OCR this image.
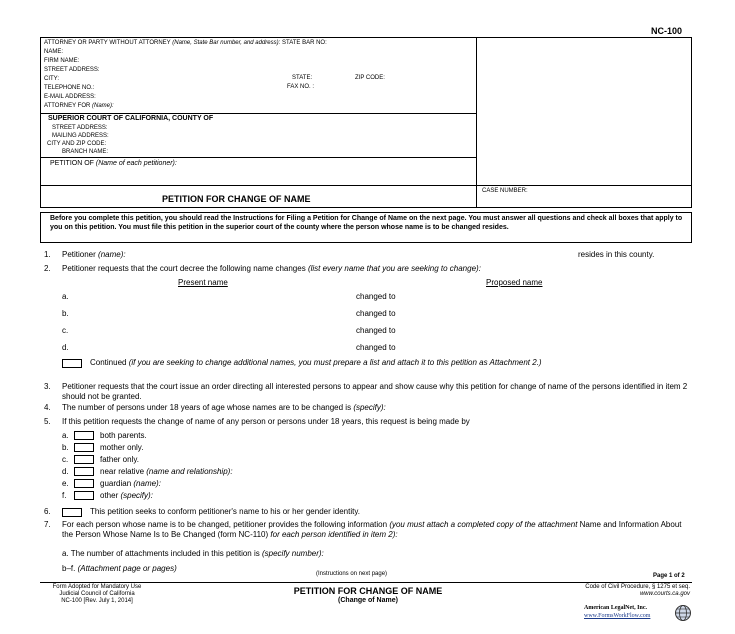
NC-100
ATTORNEY OR PARTY WITHOUT ATTORNEY (Name, State Bar number, and address): STATE BAR NO:
NAME:
FIRM NAME:
STREET ADDRESS:
CITY:	STATE:	ZIP CODE:
TELEPHONE NO.:	FAX NO. :
E-MAIL ADDRESS:
ATTORNEY FOR (Name):
SUPERIOR COURT OF CALIFORNIA, COUNTY OF
STREET ADDRESS:
MAILING ADDRESS:
CITY AND ZIP CODE:
BRANCH NAME:
PETITION OF (Name of each petitioner):
PETITION FOR CHANGE OF NAME
CASE NUMBER:
Before you complete this petition, you should read the Instructions for Filing a Petition for Change of Name on the next page. You must answer all questions and check all boxes that apply to you on this petition. You must file this petition in the superior court of the county where the person whose name is to be changed resides.
1. Petitioner (name):	resides in this county.
2. Petitioner requests that the court decree the following name changes (list every name that you are seeking to change):
Present name	Proposed name
a.	changed to
b.	changed to
c.	changed to
d.	changed to
Continued (if you are seeking to change additional names, you must prepare a list and attach it to this petition as Attachment 2.)
3. Petitioner requests that the court issue an order directing all interested persons to appear and show cause why this petition for change of name of the persons identified in item 2 should not be granted.
4. The number of persons under 18 years of age whose names are to be changed is (specify):
5. If this petition requests the change of name of any person or persons under 18 years, this request is being made by
a.	both parents.
b.	mother only.
c.	father only.
d.	near relative (name and relationship):
e.	guardian (name):
f.	other (specify):
6.	This petition seeks to conform petitioner's name to his or her gender identity.
7. For each person whose name is to be changed, petitioner provides the following information (you must attach a completed copy of the attachment Name and Information About the Person Whose Name Is to Be Changed (form NC-110) for each person identified in item 2):
a. The number of attachments included in this petition is (specify number):
b–f. (Attachment page or pages)
(Instructions on next page)	Page 1 of 2
Form Adopted for Mandatory Use
Judicial Council of California
NC-100 [Rev. July 1, 2014]
PETITION FOR CHANGE OF NAME
(Change of Name)
Code of Civil Procedure, § 1275 et seq.
www.courts.ca.gov
American LegalNet, Inc.
www.FormsWorkFlow.com
